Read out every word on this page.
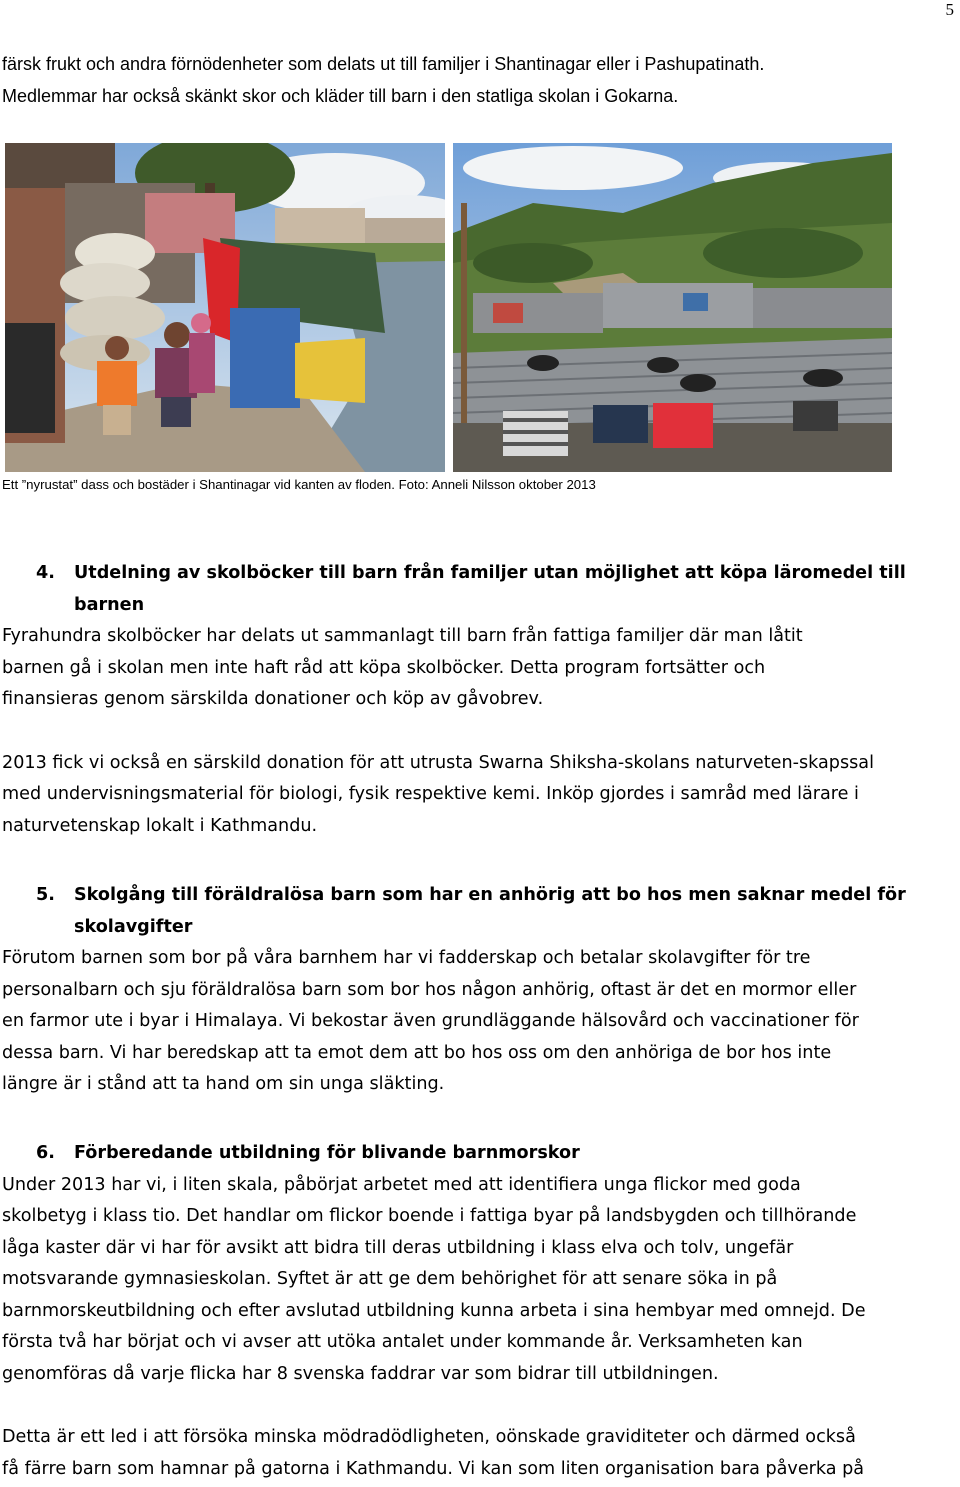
5

färsk frukt och andra förnödenheter som delats ut till familjer i Shantinagar eller i Pashupatinath.

Medlemmar har också skänkt skor och kläder till barn i den statliga skolan i Gokarna.

Ett ”nyrustat” dass och bostäder i Shantinagar vid kanten av floden. Foto: Anneli Nilsson oktober 2013
4. Utdelning av skolböcker till barn från familjer utan möjlighet att köpa läromedel till
barnen

Fyrahundra skolböcker har delats ut sammanlagt till barn från fattiga familjer där man låtit

barnen gå i skolan men inte haft råd att köpa skolböcker. Detta program fortsätter och

finansieras genom särskilda donationer och köp av gåvobrev.

2013 fick vi också en särskild donation för att utrusta Swarna Shiksha-skolans naturveten-skapssal

med undervisningsmaterial för biologi, fysik respektive kemi. Inköp gjordes i samråd med lärare i

naturvetenskap lokalt i Kathmandu.

5. Skolgång till föräldralösa barn som har en anhörig att bo hos men saknar medel för
skolavgifter

Förutom barnen som bor på våra barnhem har vi fadderskap och betalar skolavgifter för tre

personalbarn och sju föräldralösa barn som bor hos någon anhörig, oftast är det en mormor eller

en farmor ute i byar i Himalaya. Vi bekostar även grundläggande hälsovård och vaccinationer för

dessa barn. Vi har beredskap att ta emot dem att bo hos oss om den anhöriga de bor hos inte

längre är i stånd att ta hand om sin unga släkting.

6. Förberedande utbildning för blivande barnmorskor

Under 2013 har vi, i liten skala, påbörjat arbetet med att identifiera unga flickor med goda

skolbetyg i klass tio. Det handlar om flickor boende i fattiga byar på landsbygden och tillhörande

låga kaster där vi har för avsikt att bidra till deras utbildning i klass elva och tolv, ungefär

motsvarande gymnasieskolan. Syftet är att ge dem behörighet för att senare söka in på

barnmorskeutbildning och efter avslutad utbildning kunna arbeta i sina hembyar med omnejd. De

första två har börjat och vi avser att utöka antalet under kommande år. Verksamheten kan

genomföras då varje flicka har 8 svenska faddrar var som bidrar till utbildningen.

Detta är ett led i att försöka minska mödradödligheten, oönskade graviditeter och därmed också

få färre barn som hamnar på gatorna i Kathmandu. Vi kan som liten organisation bara påverka på
